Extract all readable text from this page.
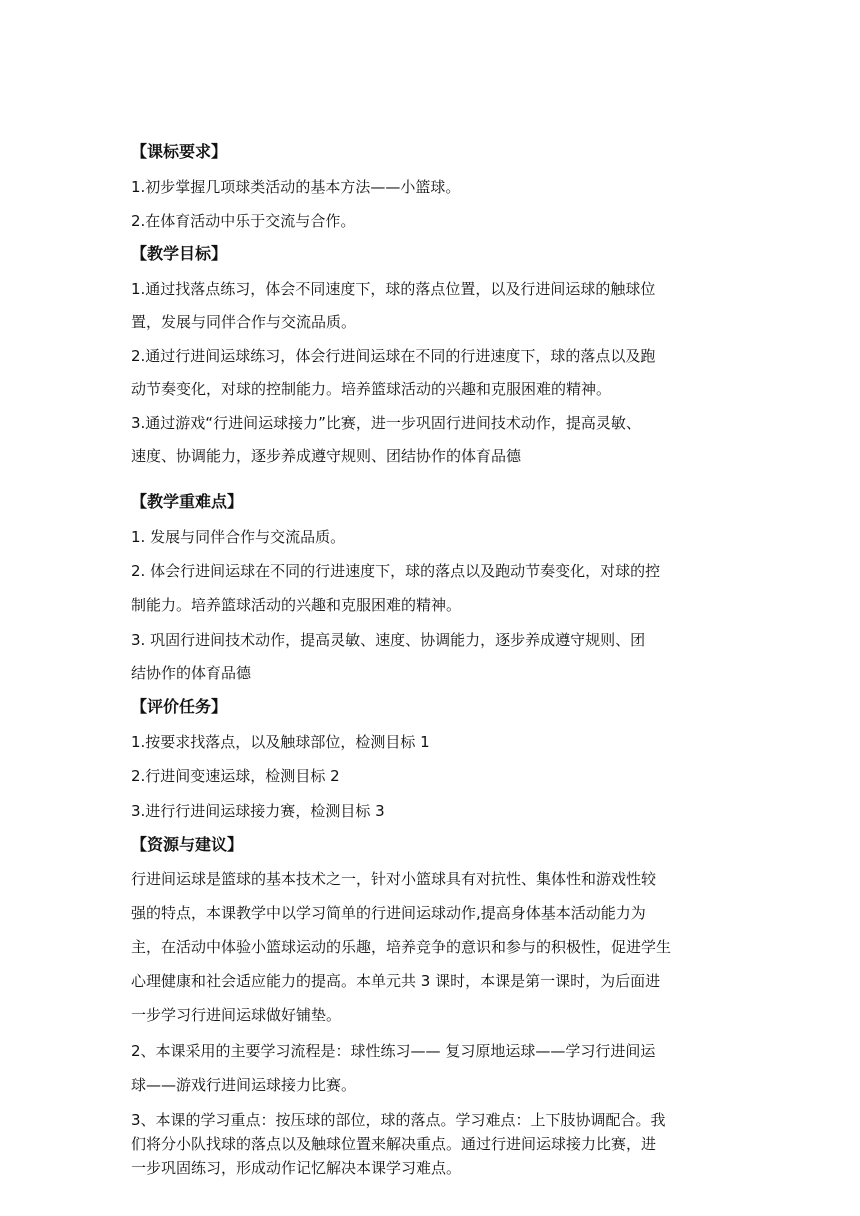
【课标要求】
1.初步掌握几项球类活动的基本方法——小篮球。
2.在体育活动中乐于交流与合作。
【教学目标】
1.通过找落点练习，体会不同速度下，球的落点位置，以及行进间运球的触球位
置，发展与同伴合作与交流品质。
2.通过行进间运球练习，体会行进间运球在不同的行进速度下，球的落点以及跑
动节奏变化，对球的控制能力。培养篮球活动的兴趣和克服困难的精神。
3.通过游戏“行进间运球接力”比赛，进一步巩固行进间技术动作，提高灵敏、
速度、协调能力，逐步养成遵守规则、团结协作的体育品德
【教学重难点】
1. 发展与同伴合作与交流品质。
2. 体会行进间运球在不同的行进速度下，球的落点以及跑动节奏变化，对球的控
制能力。培养篮球活动的兴趣和克服困难的精神。
3. 巩固行进间技术动作，提高灵敏、速度、协调能力，逐步养成遵守规则、团
结协作的体育品德
【评价任务】
1.按要求找落点，以及触球部位，检测目标 1
2.行进间变速运球，检测目标 2
3.进行行进间运球接力赛，检测目标 3
【资源与建议】
行进间运球是篮球的基本技术之一，针对小篮球具有对抗性、集体性和游戏性较
强的特点，本课教学中以学习简单的行进间运球动作,提高身体基本活动能力为
主，在活动中体验小篮球运动的乐趣，培养竞争的意识和参与的积极性，促进学生
心理健康和社会适应能力的提高。本单元共 3 课时，本课是第一课时，为后面进
一步学习行进间运球做好铺垫。
2、本课采用的主要学习流程是：球性练习—— 复习原地运球——学习行进间运
球——游戏行进间运球接力比赛。
3、本课的学习重点：按压球的部位，球的落点。学习难点：上下肢协调配合。我
们将分小队找球的落点以及触球位置来解决重点。通过行进间运球接力比赛，进
一步巩固练习，形成动作记忆解决本课学习难点。
